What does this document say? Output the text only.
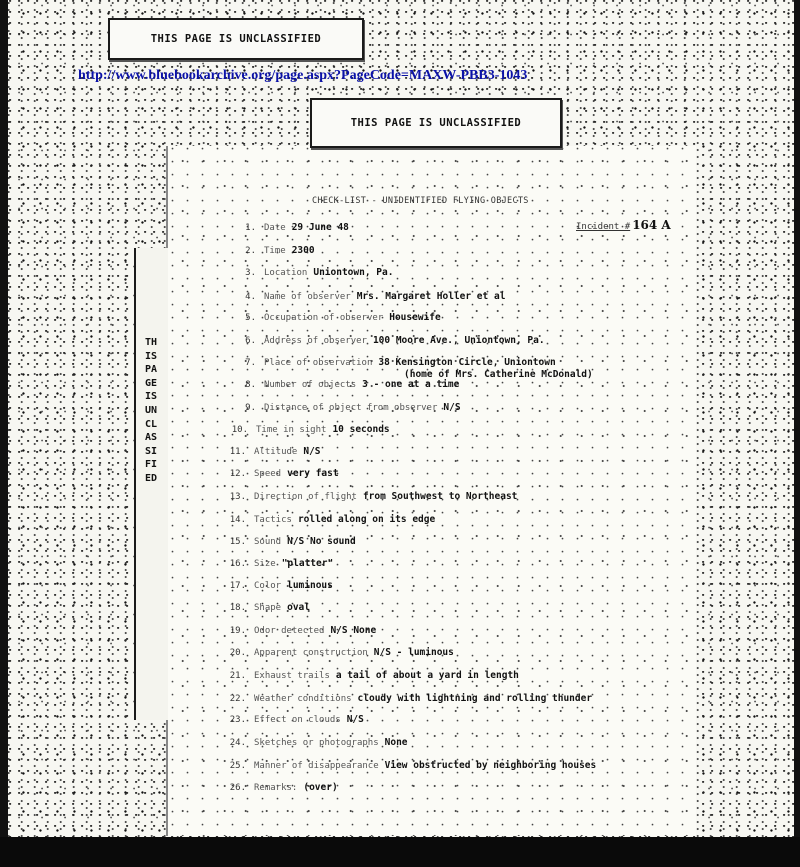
THIS PAGE IS UNCLASSIFIED
http://www.bluebookarchive.org/page.aspx?PageCode=MAXW-PBB3-1043
THIS PAGE IS UNCLASSIFIED
THIS PAGE IS UNCLASSIFIED
CHECK-LIST - UNIDENTIFIED FLYING OBJECTS
Incident # 164 A
1. Date 29 June 48
2. Time 2300
3. Location Uniontown, Pa.
4. Name of observer Mrs. Margaret Holler et al
5. Occupation of observer Housewife
6. Address of observer 100 Moore Ave., Uniontown, Pa.
7. Place of observation 38 Kensington Circle, Uniontown
(home of Mrs. Catherine McDonald)
8. Number of objects 3 - one at a time
9. Distance of object from observer N/S
10. Time in sight 10 seconds
11. Altitude N/S
12. Speed very fast
13. Direction of flight from Southwest to Northeast
14. Tactics rolled along on its edge
15. Sound N/S No sound
16. Size "platter"
17. Color luminous
18. Shape oval
19. Odor detected N/S None
20. Apparent construction N/S - luminous
21. Exhaust trails a tail of about a yard in length
22. Weather conditions cloudy with lightning and rolling thunder
23. Effect on clouds N/S
24. Sketches or photographs None
25. Manner of disappearance View obstructed by neighboring houses
26. Remarks: (over)
